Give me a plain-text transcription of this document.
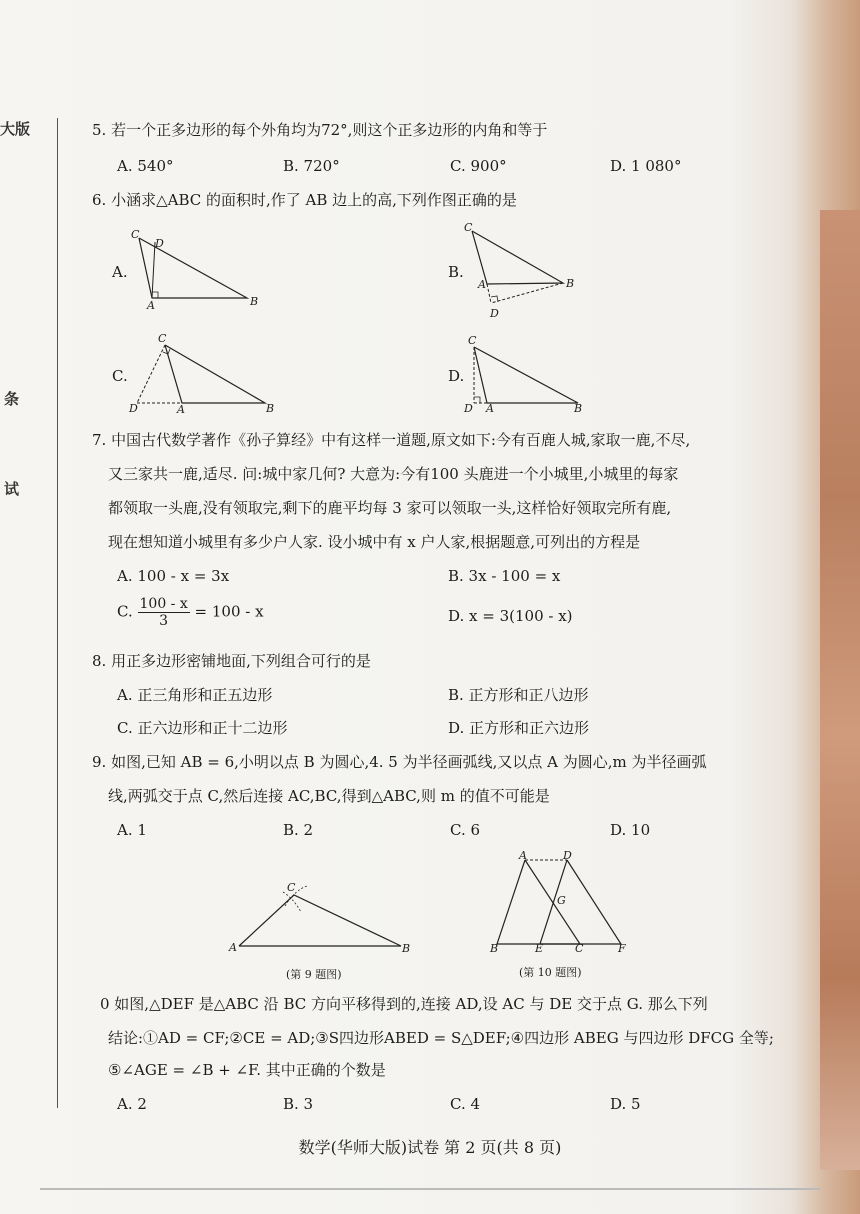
大版
条
试
5. 若一个正多边形的每个外角均为72°,则这个正多边形的内角和等于
A. 540°	B. 720°	C. 900°	D. 1 080°
6. 小涵求△ABC 的面积时,作了 AB 边上的高,下列作图正确的是
A.	B.
C.	D.
C
D
A	B
C
A	B
D
C
D	A	B
C
D A	B
7. 中国古代数学著作《孙子算经》中有这样一道题,原文如下:今有百鹿人城,家取一鹿,不尽,
又三家共一鹿,适尽. 问:城中家几何? 大意为:今有100 头鹿进一个小城里,小城里的每家
都领取一头鹿,没有领取完,剩下的鹿平均每 3 家可以领取一头,这样恰好领取完所有鹿,
现在想知道小城里有多少户人家. 设小城中有 x 户人家,根据题意,可列出的方程是
A. 100 - x = 3x	B. 3x - 100 = x
C. $\frac{100 - x}{3} = 100 - x$	D. x = 3(100 - x)
8. 用正多边形密铺地面,下列组合可行的是
A. 正三角形和正五边形	B. 正方形和正八边形
C. 正六边形和正十二边形	D. 正方形和正六边形
9. 如图,已知 AB = 6,小明以点 B 为圆心,4. 5 为半径画弧线,又以点 A 为圆心,m 为半径画弧
线,两弧交于点 C,然后连接 AC,BC,得到△ABC,则 m 的值不可能是
A. 1	B. 2	C. 6	D. 10
C
A	B
(第 9 题图)
A	D
G
B	E	C	F
(第 10 题图)
0 如图,△DEF 是△ABC 沿 BC 方向平移得到的,连接 AD,设 AC 与 DE 交于点 G. 那么下列
结论:①AD = CF;②CE = AD;③S四边形ABED = S△DEF;④四边形 ABEG 与四边形 DFCG 全等;
⑤∠AGE = ∠B + ∠F. 其中正确的个数是
A. 2	B. 3	C. 4	D. 5
数学(华师大版)试卷 第 2 页(共 8 页)
